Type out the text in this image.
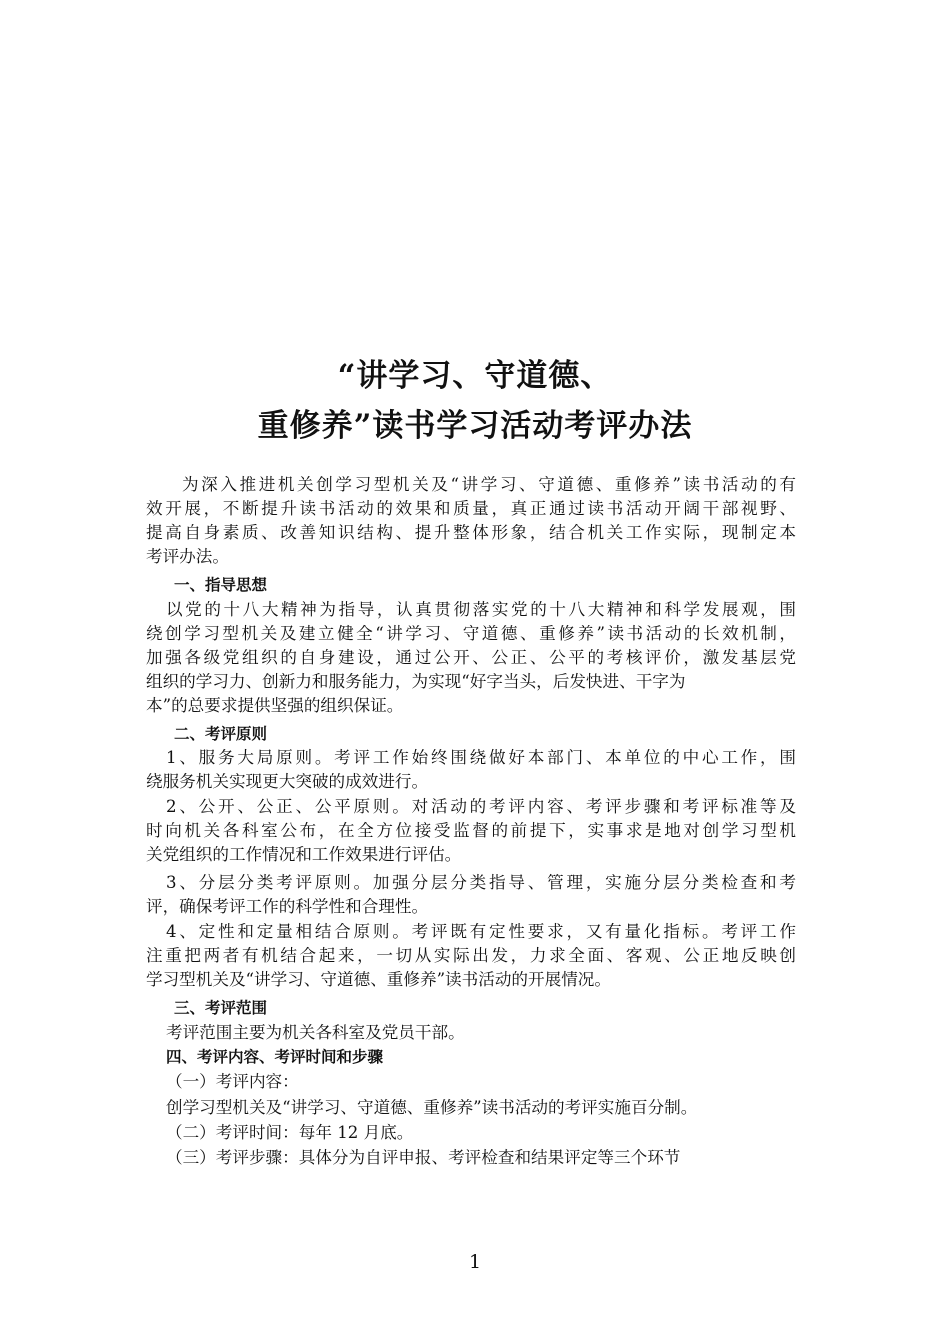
“讲学习、守道德、
重修养”读书学习活动考评办法
为深入推进机关创学习型机关及“讲学习、守道德、重修养”读书活动的有
效开展，不断提升读书活动的效果和质量，真正通过读书活动开阔干部视野、
提高自身素质、改善知识结构、提升整体形象，结合机关工作实际，现制定本
考评办法。
一、指导思想
以党的十八大精神为指导，认真贯彻落实党的十八大精神和科学发展观，围
绕创学习型机关及建立健全“讲学习、守道德、重修养”读书活动的长效机制，
加强各级党组织的自身建设，通过公开、公正、公平的考核评价，激发基层党
组织的学习力、创新力和服务能力，为实现“好字当头，后发快进、干字为
本”的总要求提供坚强的组织保证。
二、考评原则
1、服务大局原则。考评工作始终围绕做好本部门、本单位的中心工作，围
绕服务机关实现更大突破的成效进行。
2、公开、公正、公平原则。对活动的考评内容、考评步骤和考评标准等及
时向机关各科室公布，在全方位接受监督的前提下，实事求是地对创学习型机
关党组织的工作情况和工作效果进行评估。
3、分层分类考评原则。加强分层分类指导、管理，实施分层分类检查和考
评，确保考评工作的科学性和合理性。
4、定性和定量相结合原则。考评既有定性要求，又有量化指标。考评工作
注重把两者有机结合起来，一切从实际出发，力求全面、客观、公正地反映创
学习型机关及“讲学习、守道德、重修养”读书活动的开展情况。
三、考评范围
考评范围主要为机关各科室及党员干部。
四、考评内容、考评时间和步骤
（一）考评内容：
创学习型机关及“讲学习、守道德、重修养”读书活动的考评实施百分制。
（二）考评时间：每年 12 月底。
（三）考评步骤：具体分为自评申报、考评检查和结果评定等三个环节
1
